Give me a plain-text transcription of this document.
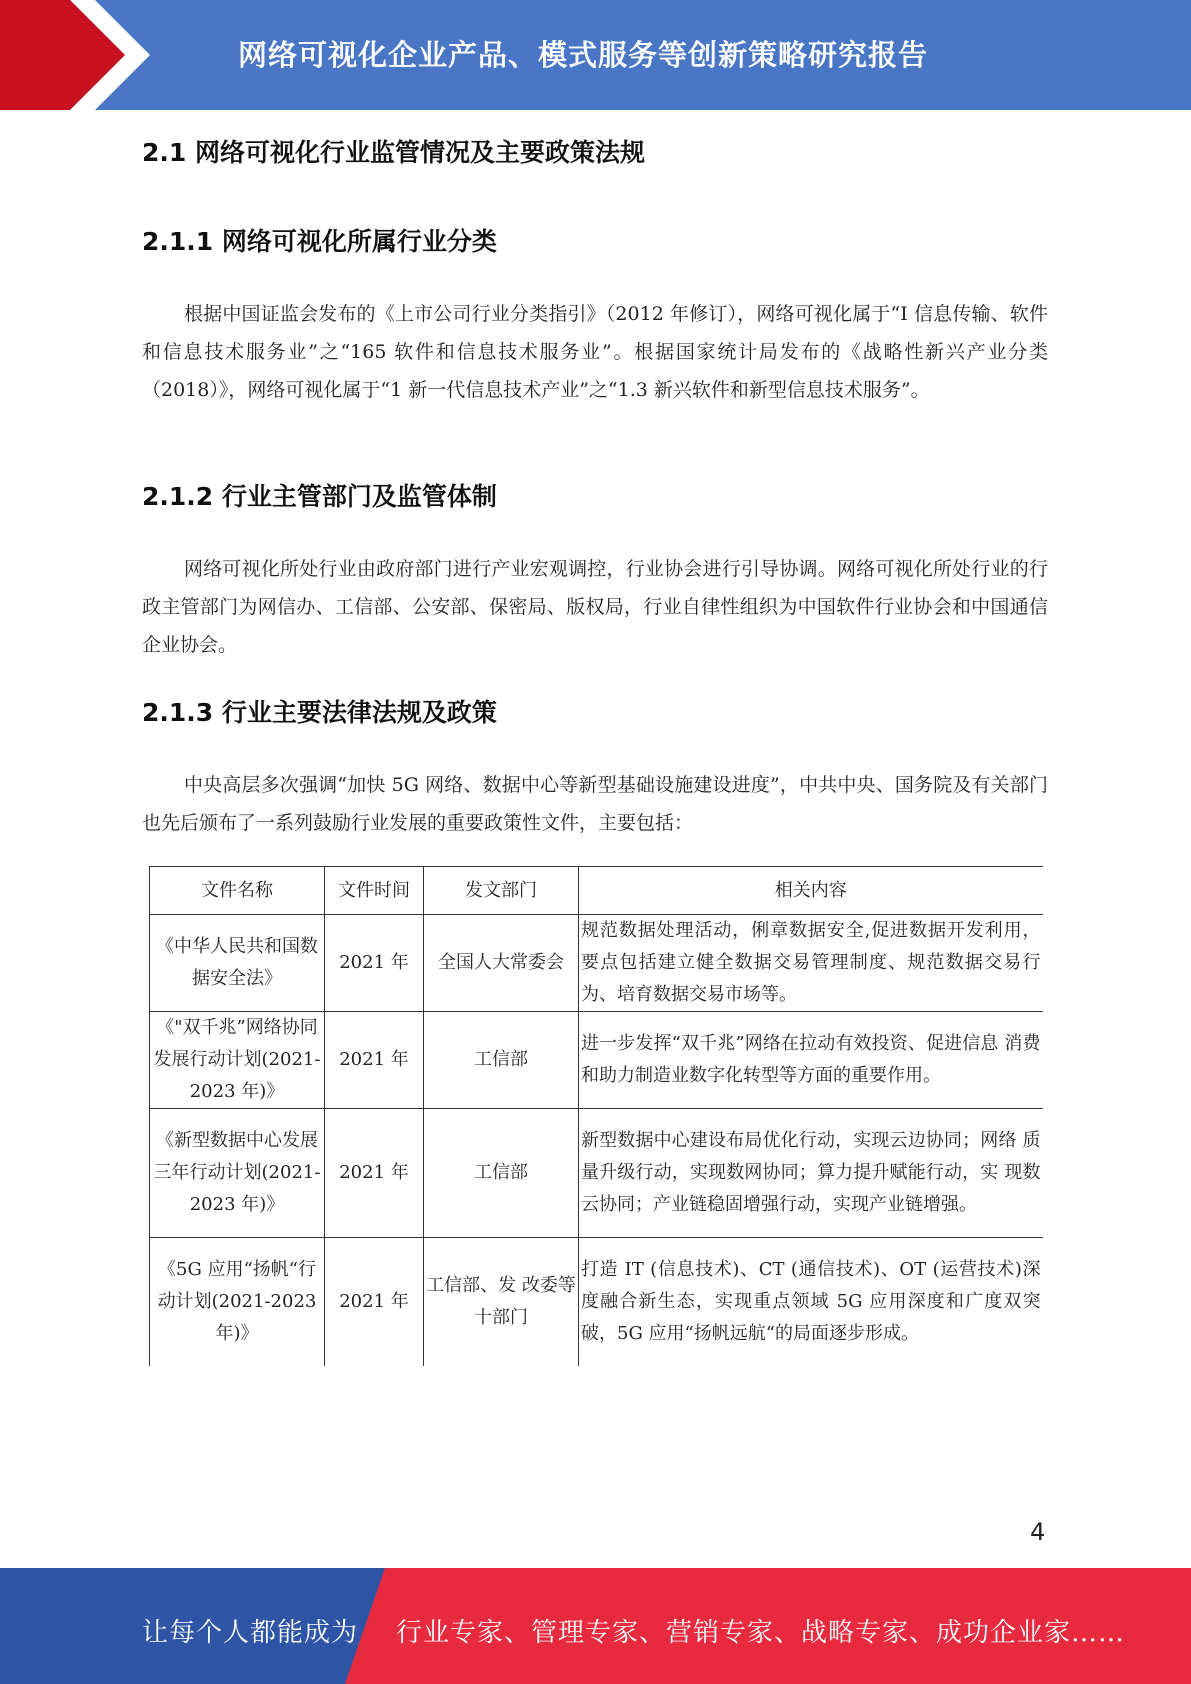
网络可视化企业产品、模式服务等创新策略研究报告
2.1 网络可视化行业监管情况及主要政策法规
2.1.1 网络可视化所属行业分类

根据中国证监会发布的《上市公司行业分类指引》（2012 年修订），网络可视化属于“I 信息传输、软件和信息技术服务业”之“165 软件和信息技术服务业”。根据国家统计局发布的《战略性新兴产业分类（2018）》，网络可视化属于“1 新一代信息技术产业”之“1.3 新兴软件和新型信息技术服务”。

2.1.2 行业主管部门及监管体制

网络可视化所处行业由政府部门进行产业宏观调控，行业协会进行引导协调。网络可视化所处行业的行政主管部门为网信办、工信部、公安部、保密局、版权局，行业自律性组织为中国软件行业协会和中国通信企业协会。

2.1.3 行业主要法律法规及政策

中央高层多次强调“加快 5G 网络、数据中心等新型基础设施建设进度”，中共中央、国务院及有关部门也先后颁布了一系列鼓励行业发展的重要政策性文件，主要包括：

文件名称	文件时间	发文部门	相关内容
《中华人民共和国数 据安全法》	2021 年	全国人大常委会	规范数据处理活动，俐章数据安全,促进数据开发利用， 要点包括建立健全数据交易管理制度、规范数据交易行 为、培育数据交易市场等。
《"双千兆”网络协同发展行动计划(2021-2023 年)》	2021 年	工信部	进一步发挥“双千兆”网络在拉动有效投资、促进信息 消费和助力制造业数字化转型等方面的重要作用。
《新型数据中心发展三年行动计划(2021-2023 年)》	2021 年	工信部	新型数据中心建设布局优化行动，实现云边协同；网络 质量升级行动，实现数网协同；算力提升赋能行动，实 现数云协同；产业链稳固增强行动，实现产业链增强。
《5G 应用“扬帆“行动计划(2021-2023 年)》	2021 年	工信部、发 改委等十部门	打造 IT (信息技术)、CT (通信技术)、OT (运营技术)深度融合新生态，实现重点领域 5G 应用深度和广度双突破，5G 应用“扬帆远航“的局面逐步形成。
4
让每个人都能成为 行业专家、管理专家、营销专家、战略专家、成功企业家……
